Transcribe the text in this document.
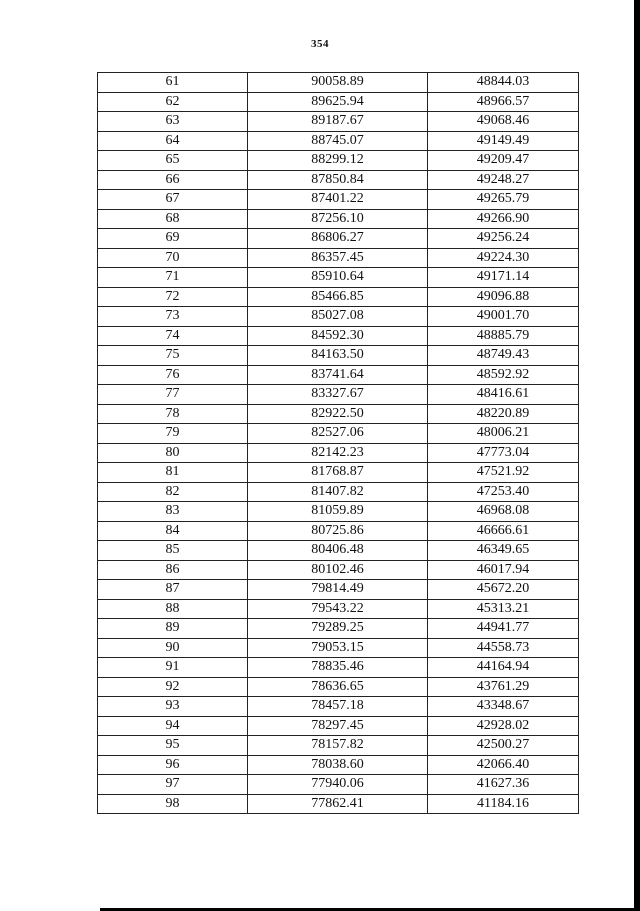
354
61	90058.89	48844.03
62	89625.94	48966.57
63	89187.67	49068.46
64	88745.07	49149.49
65	88299.12	49209.47
66	87850.84	49248.27
67	87401.22	49265.79
68	87256.10	49266.90
69	86806.27	49256.24
70	86357.45	49224.30
71	85910.64	49171.14
72	85466.85	49096.88
73	85027.08	49001.70
74	84592.30	48885.79
75	84163.50	48749.43
76	83741.64	48592.92
77	83327.67	48416.61
78	82922.50	48220.89
79	82527.06	48006.21
80	82142.23	47773.04
81	81768.87	47521.92
82	81407.82	47253.40
83	81059.89	46968.08
84	80725.86	46666.61
85	80406.48	46349.65
86	80102.46	46017.94
87	79814.49	45672.20
88	79543.22	45313.21
89	79289.25	44941.77
90	79053.15	44558.73
91	78835.46	44164.94
92	78636.65	43761.29
93	78457.18	43348.67
94	78297.45	42928.02
95	78157.82	42500.27
96	78038.60	42066.40
97	77940.06	41627.36
98	77862.41	41184.16
